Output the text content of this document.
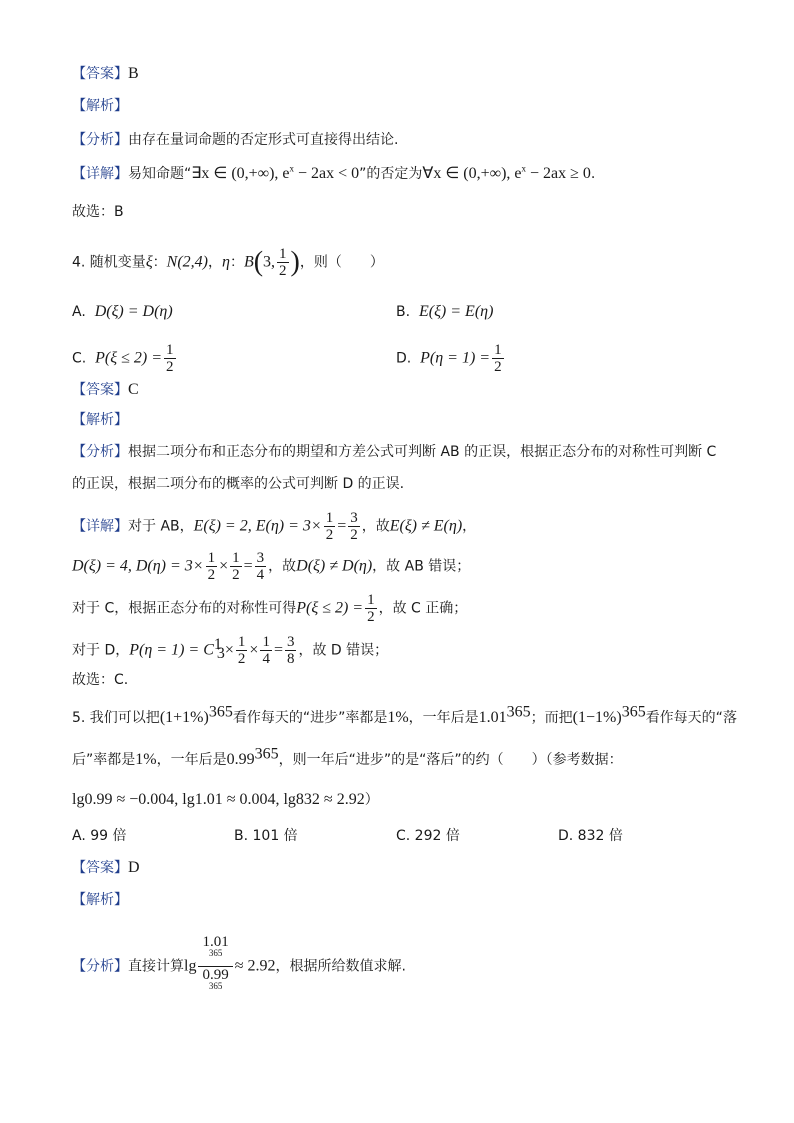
【答案】B
【解析】
【分析】由存在量词命题的否定形式可直接得出结论.
【详解】易知命题“∃x ∈ (0,+∞), $e^x - 2ax < 0$”的否定为∀x ∈ (0,+∞), $e^x - 2ax \ge 0$.
故选：B
4. 随机变量ξ：N(2,4)，η：B(3, $\frac{1}{2}$ )，则（　　）
A. D(ξ) = D(η)	B. E(ξ) = E(η)
C. $P(\xi \le 2) = \frac{1}{2}$	D. $P(\eta = 1) = \frac{1}{2}$
【答案】C
【解析】
【分析】根据二项分布和正态分布的期望和方差公式可判断 AB 的正误，根据正态分布的对称性可判断 C
的正误，根据二项分布的概率的公式可判断 D 的正误.
【详解】对于 AB，E(ξ) = 2, $E(\eta) = 3\times \frac{1}{2} = \frac{3}{2}$ ，故E(ξ) ≠ E(η)，
D(ξ) = 4, $D(\eta) = 3\times \frac{1}{2} \times \frac{1}{2} = \frac{3}{4}$ ，故D(ξ) ≠ D(η)，故 AB 错误；
对于 C，根据正态分布的对称性可得$P(\xi \le 2) = \frac{1}{2}$ ，故 C 正确；
对于 D，$P(\eta = 1) = C^1_3\times \frac{1}{2} \times \frac{1}{4} = \frac{3}{8}$ ，故 D 错误；
故选：C.
5. 我们可以把$(1+1\%)^{365}$看作每天的“进步”率都是1%，一年后是1.01$^{365}$；而把$(1-1\%)^{365}$看作每天的“落
后”率都是1%，一年后是0.99$^{365}$，则一年后“进步”的是“落后”的约（　　）（参考数据：
lg0.99 ≈ −0.004, lg1.01 ≈ 0.004, lg832 ≈ 2.92）
A. 99 倍	B. 101 倍	C. 292 倍	D. 832 倍
【答案】D
【解析】
【分析】直接计算lg 1.01
$^{365}$
0.99
$^{365}$ ≈ 2.92，根据所给数值求解.
